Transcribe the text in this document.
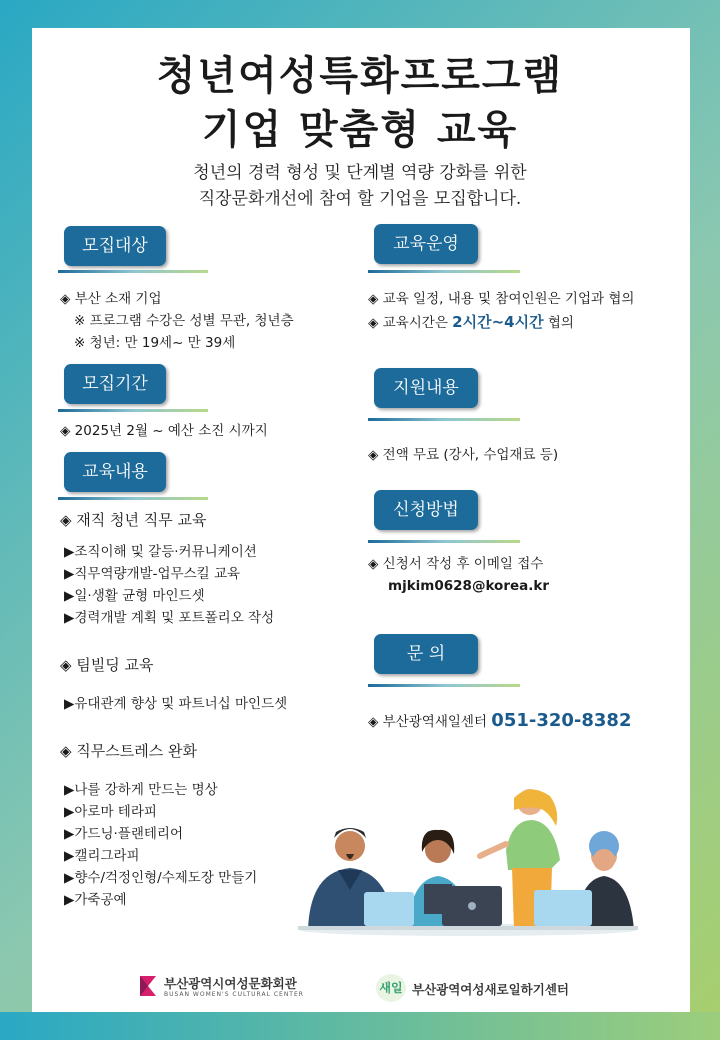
청년여성특화프로그램
기업 맞춤형 교육
청년의 경력 형성 및 단계별 역량 강화를 위한
직장문화개선에 참여 할 기업을 모집합니다.
모집대상
◈ 부산 소재 기업
※ 프로그램 수강은 성별 무관, 청년층
※ 청년: 만 19세~ 만 39세
모집기간
◈ 2025년 2월 ~ 예산 소진 시까지
교육내용
◈ 재직 청년 직무 교육
▶조직이해 및 갈등·커뮤니케이션
▶직무역량개발-업무스킬 교육
▶일·생활 균형 마인드셋
▶경력개발 계획 및 포트폴리오 작성
◈ 팀빌딩 교육
▶유대관계 향상 및 파트너십 마인드셋
◈ 직무스트레스 완화
▶나를 강하게 만드는 명상
▶아로마 테라피
▶가드닝·플랜테리어
▶캘리그라피
▶향수/걱정인형/수제도장 만들기
▶가죽공예
교육운영
◈ 교육 일정, 내용 및 참여인원은 기업과 협의
◈ 교육시간은 2시간~4시간 협의
지원내용
◈ 전액 무료 (강사, 수업재료 등)
신청방법
◈ 신청서 작성 후 이메일 접수
mjkim0628@korea.kr
문 의
◈ 부산광역새일센터 051-320-8382
부산광역시여성문화회관
BUSAN WOMEN'S CULTURAL CENTER	새일 부산광역여성새로일하기센터
